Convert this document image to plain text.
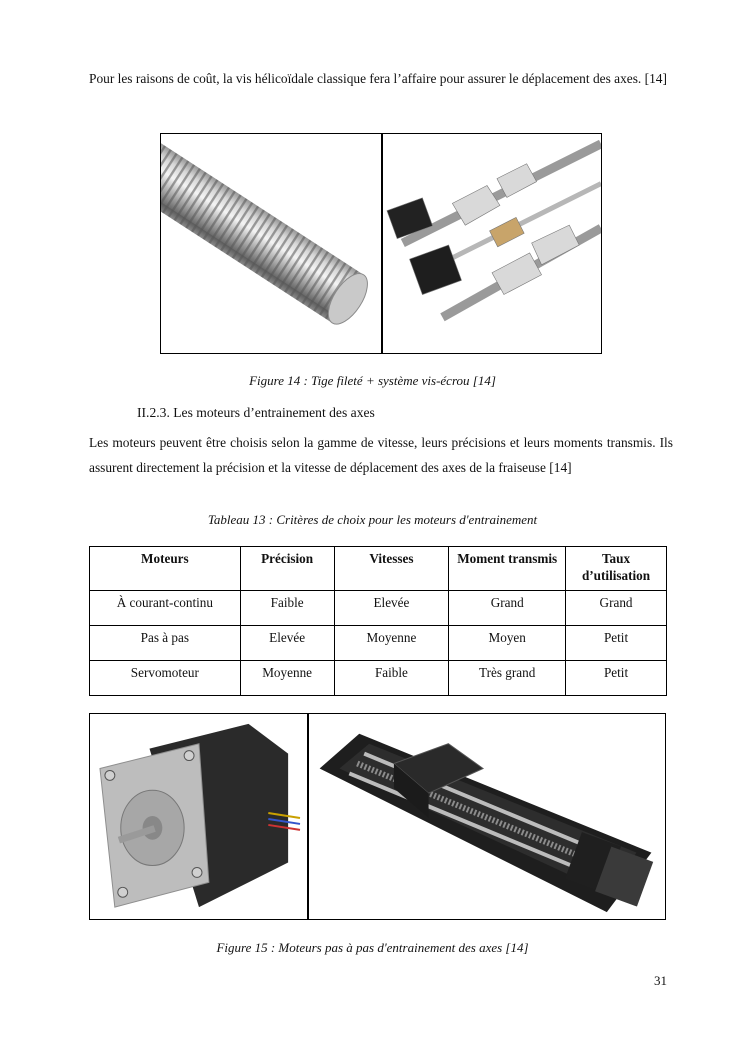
Pour les raisons de coût, la vis hélicoïdale classique fera l’affaire pour assurer le déplacement des axes. [14]

Figure 14 : Tige fileté + système vis-écrou [14]

II.2.3. Les moteurs d’entrainement des axes

Les moteurs peuvent être choisis selon la gamme de vitesse, leurs précisions et leurs moments transmis. Ils assurent directement la précision et la vitesse de déplacement des axes de la fraiseuse [14]

Tableau 13 : Critères de choix pour les moteurs d'entrainement

Moteurs	Précision	Vitesses	Moment transmis	Taux d’utilisation
À courant-continu	Faible	Elevée	Grand	Grand
Pas à pas	Elevée	Moyenne	Moyen	Petit
Servomoteur	Moyenne	Faible	Très grand	Petit

Figure 15 : Moteurs pas à pas d'entrainement des axes [14]

31
